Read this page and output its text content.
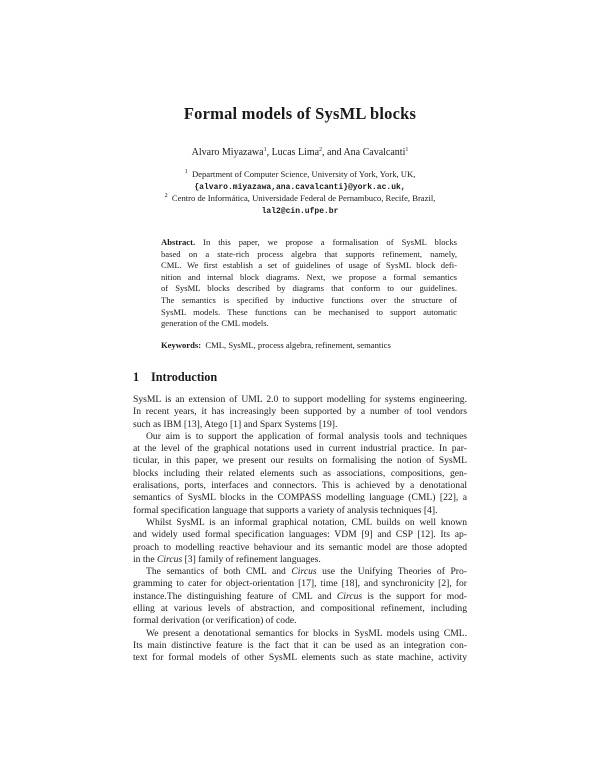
Formal models of SysML blocks
Alvaro Miyazawa$^1$, Lucas Lima$^2$, and Ana Cavalcanti$^1$
$^1$ Department of Computer Science, University of York, York, UK,
{alvaro.miyazawa,ana.cavalcanti}@york.ac.uk,
$^2$ Centro de Informática, Universidade Federal de Pernambuco, Recife, Brazil,
lal2@cin.ufpe.br
Abstract. In this paper, we propose a formalisation of SysML blocks
based on a state-rich process algebra that supports refinement, namely,
CML. We first establish a set of guidelines of usage of SysML block defi-
nition and internal block diagrams. Next, we propose a formal semantics
of SysML blocks described by diagrams that conform to our guidelines.
The semantics is specified by inductive functions over the structure of
SysML models. These functions can be mechanised to support automatic
generation of the CML models.
Keywords: CML, SysML, process algebra, refinement, semantics
1 Introduction
SysML is an extension of UML 2.0 to support modelling for systems engineering.
In recent years, it has increasingly been supported by a number of tool vendors
such as IBM [13], Atego [1] and Sparx Systems [19].
Our aim is to support the application of formal analysis tools and techniques
at the level of the graphical notations used in current industrial practice. In par-
ticular, in this paper, we present our results on formalising the notion of SysML
blocks including their related elements such as associations, compositions, gen-
eralisations, ports, interfaces and connectors. This is achieved by a denotational
semantics of SysML blocks in the COMPASS modelling language (CML) [22], a
formal specification language that supports a variety of analysis techniques [4].
Whilst SysML is an informal graphical notation, CML builds on well known
and widely used formal specification languages: VDM [9] and CSP [12]. Its ap-
proach to modelling reactive behaviour and its semantic model are those adopted
in the Circus [3] family of refinement languages.
The semantics of both CML and Circus use the Unifying Theories of Pro-
gramming to cater for object-orientation [17], time [18], and synchronicity [2], for
instance.The distinguishing feature of CML and Circus is the support for mod-
elling at various levels of abstraction, and compositional refinement, including
formal derivation (or verification) of code.
We present a denotational semantics for blocks in SysML models using CML.
Its main distinctive feature is the fact that it can be used as an integration con-
text for formal models of other SysML elements such as state machine, activity
